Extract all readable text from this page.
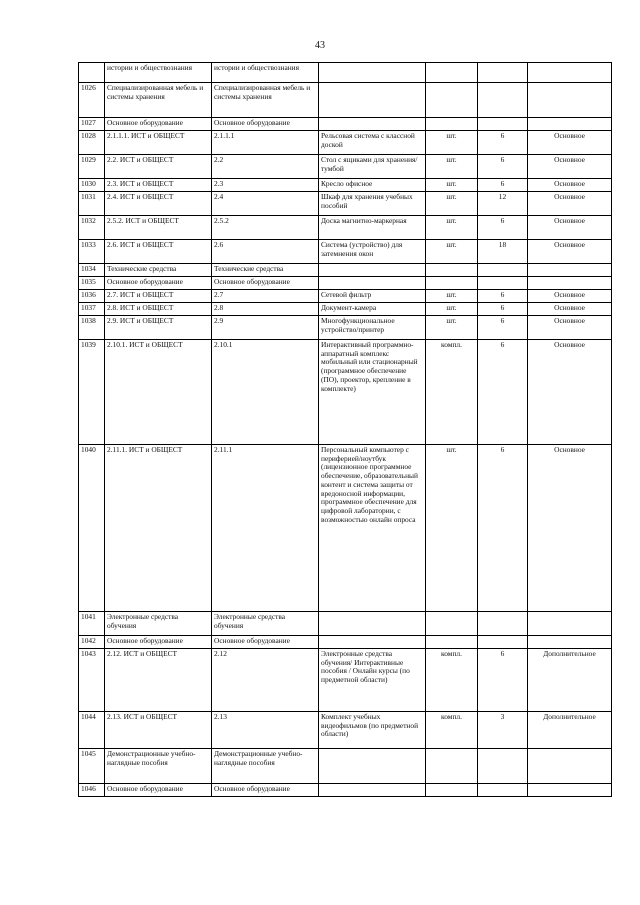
43
	истории и обществознания	истории и обществознания				
1026	Специализированная мебель и системы хранения	Специализированная мебель и системы хранения				
1027	Основное оборудование	Основное оборудование				
1028	2.1.1.1. ИСТ и ОБЩЕСТ	2.1.1.1	Рельсовая система с классной доской	шт.	6	Основное
1029	2.2. ИСТ и ОБЩЕСТ	2.2	Стол с ящиками для хранения/тумбой	шт.	6	Основное
1030	2.3. ИСТ и ОБЩЕСТ	2.3	Кресло офисное	шт.	6	Основное
1031	2.4. ИСТ и ОБЩЕСТ	2.4	Шкаф для хранения учебных пособий	шт.	12	Основное
1032	2.5.2. ИСТ и ОБЩЕСТ	2.5.2	Доска магнитно-маркерная	шт.	6	Основное
1033	2.6. ИСТ и ОБЩЕСТ	2.6	Система (устройство) для затемнения окон	шт.	18	Основное
1034	Технические средства	Технические средства				
1035	Основное оборудование	Основное оборудование				
1036	2.7. ИСТ и ОБЩЕСТ	2.7	Сетевой фильтр	шт.	6	Основное
1037	2.8. ИСТ и ОБЩЕСТ	2.8	Документ-камера	шт.	6	Основное
1038	2.9. ИСТ и ОБЩЕСТ	2.9	Многофункциональное устройство/принтер	шт.	6	Основное
1039	2.10.1. ИСТ и ОБЩЕСТ	2.10.1	Интерактивный программно-аппаратный комплекс мобильный или стационарный (программное обеспечение (ПО), проектор, крепление в комплекте)	компл.	6	Основное
1040	2.11.1. ИСТ и ОБЩЕСТ	2.11.1	Персональный компьютер с периферией/ноутбук (лицензионное программное обеспечение, образовательный контент и система защиты от вредоносной информации, программное обеспечение для цифровой лаборатории, с возможностью онлайн опроса	шт.	6	Основное
1041	Электронные средства обучения	Электронные средства обучения				
1042	Основное оборудование	Основное оборудование				
1043	2.12. ИСТ и ОБЩЕСТ	2.12	Электронные средства обучения/ Интерактивные пособия / Онлайн курсы (по предметной области)	компл.	6	Дополнительное
1044	2.13. ИСТ и ОБЩЕСТ	2.13	Комплект учебных видеофильмов (по предметной области)	компл.	3	Дополнительное
1045	Демонстрационные учебно-наглядные пособия	Демонстрационные учебно-наглядные пособия				
1046	Основное оборудование	Основное оборудование				
